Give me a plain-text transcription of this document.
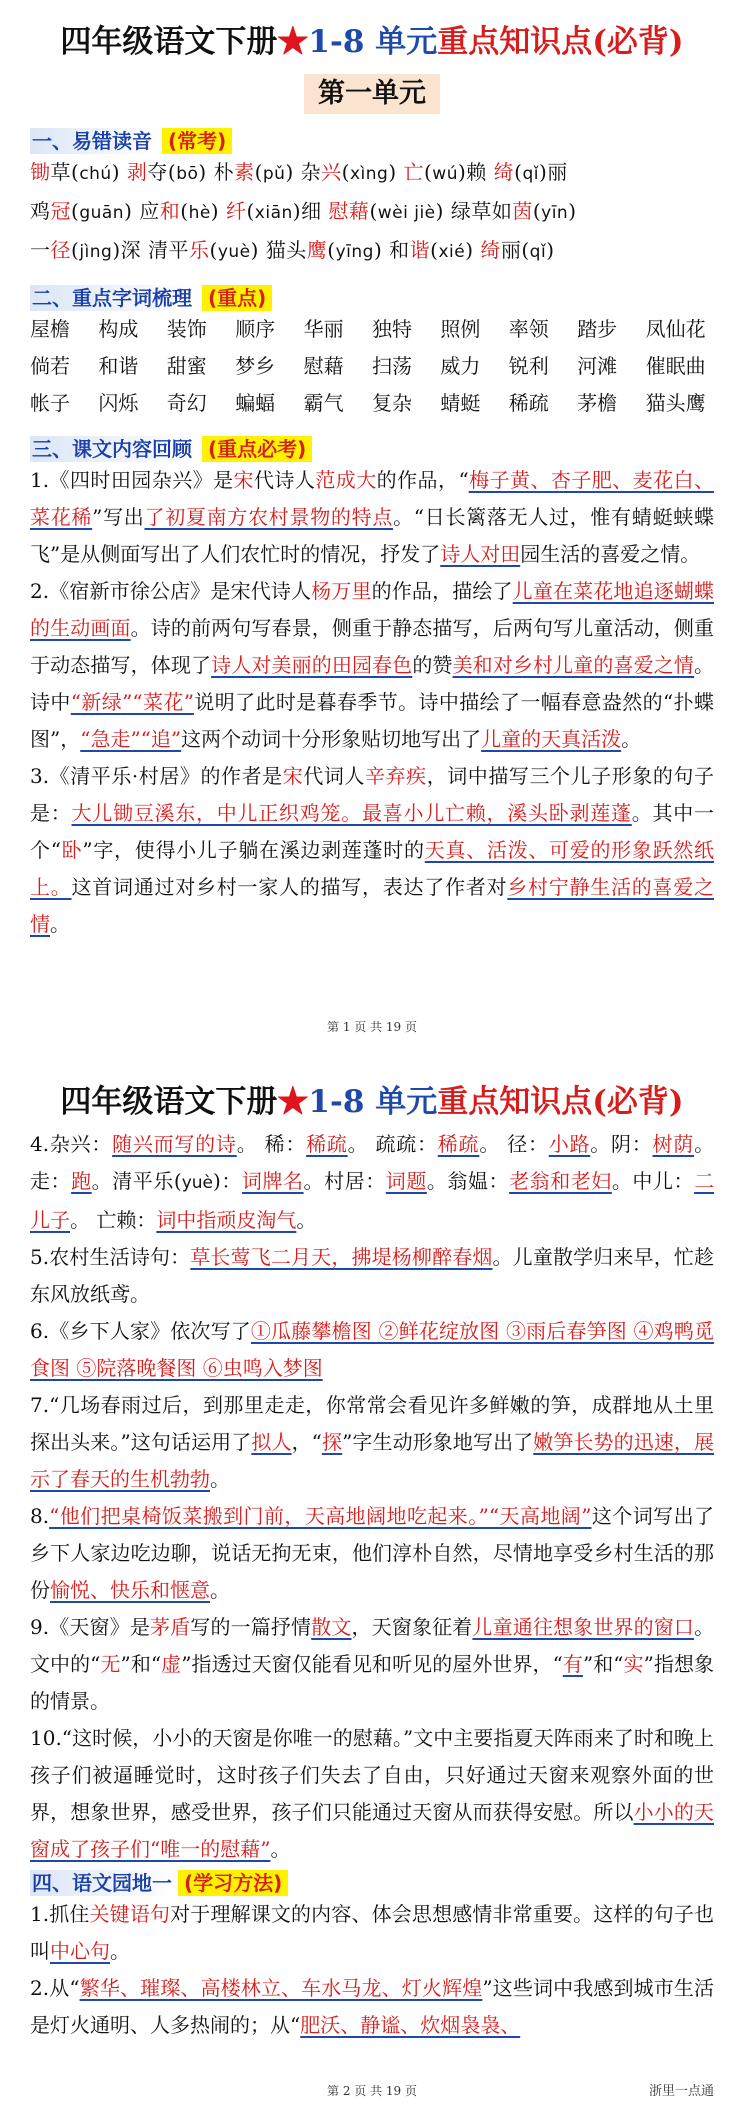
四年级语文下册★1-8 单元重点知识点(必背)
第一单元
一、易错读音 (常考)
锄草(chú) 剥夺(bō) 朴素(pǔ) 杂兴(xìng) 亡(wú)赖 绮(qǐ)丽
鸡冠(guān) 应和(hè) 纤(xiān)细 慰藉(wèi jiè) 绿草如茵(yīn)
一径(jìng)深 清平乐(yuè) 猫头鹰(yīng) 和谐(xié) 绮丽(qǐ)
二、重点字词梳理 (重点)
屋檐	构成	装饰	顺序	华丽	独特	照例	率领	踏步	凤仙花
倘若	和谐	甜蜜	梦乡	慰藉	扫荡	威力	锐利	河滩	催眠曲
帐子	闪烁	奇幻	蝙蝠	霸气	复杂	蜻蜓	稀疏	茅檐	猫头鹰
三、课文内容回顾 (重点必考)

1.《四时田园杂兴》是宋代诗人范成大的作品，“梅子黄、杏子肥、麦花白、菜花稀”写出了初夏南方农村景物的特点。“日长篱落无人过，惟有蜻蜓蛱蝶飞”是从侧面写出了人们农忙时的情况，抒发了诗人对田园生活的喜爱之情。

2.《宿新市徐公店》是宋代诗人杨万里的作品，描绘了儿童在菜花地追逐蝴蝶的生动画面。诗的前两句写春景，侧重于静态描写，后两句写儿童活动，侧重于动态描写，体现了诗人对美丽的田园春色的赞美和对乡村儿童的喜爱之情。诗中“新绿”“菜花”说明了此时是暮春季节。诗中描绘了一幅春意盎然的“扑蝶图”，“急走”“追”这两个动词十分形象贴切地写出了儿童的天真活泼。

3.《清平乐·村居》的作者是宋代词人辛弃疾，词中描写三个儿子形象的句子是：大儿锄豆溪东，中儿正织鸡笼。最喜小儿亡赖，溪头卧剥莲蓬。其中一个“卧”字，使得小儿子躺在溪边剥莲蓬时的天真、活泼、可爱的形象跃然纸上。这首词通过对乡村一家人的描写，表达了作者对乡村宁静生活的喜爱之情。

第 1 页 共 19 页
四年级语文下册★1-8 单元重点知识点(必背)

4.杂兴：随兴而写的诗。 稀：稀疏。 疏疏：稀疏。 径：小路。阴：树荫。走：跑。清平乐(yuè)：词牌名。村居：词题。翁媪：老翁和老妇。中儿：二儿子。 亡赖：词中指顽皮淘气。

5.农村生活诗句：草长莺飞二月天，拂堤杨柳醉春烟。儿童散学归来早，忙趁东风放纸鸢。

6.《乡下人家》依次写了①瓜藤攀檐图 ②鲜花绽放图 ③雨后春笋图 ④鸡鸭觅食图 ⑤院落晚餐图 ⑥虫鸣入梦图

7.“几场春雨过后，到那里走走，你常常会看见许多鲜嫩的笋，成群地从土里探出头来。”这句话运用了拟人，“探”字生动形象地写出了嫩笋长势的迅速，展示了春天的生机勃勃。

8.“他们把桌椅饭菜搬到门前，天高地阔地吃起来。”“天高地阔”这个词写出了乡下人家边吃边聊，说话无拘无束，他们淳朴自然，尽情地享受乡村生活的那份愉悦、快乐和惬意。

9.《天窗》是茅盾写的一篇抒情散文，天窗象征着儿童通往想象世界的窗口。文中的“无”和“虚”指透过天窗仅能看见和听见的屋外世界，“有”和“实”指想象的情景。

10.“这时候，小小的天窗是你唯一的慰藉。”文中主要指夏天阵雨来了时和晚上孩子们被逼睡觉时，这时孩子们失去了自由，只好通过天窗来观察外面的世界，想象世界，感受世界，孩子们只能通过天窗从而获得安慰。所以小小的天窗成了孩子们“唯一的慰藉”。

四、语文园地一 (学习方法)

1.抓住关键语句对于理解课文的内容、体会思想感情非常重要。这样的句子也叫中心句。

2.从“繁华、璀璨、高楼林立、车水马龙、灯火辉煌”这些词中我感到城市生活是灯火通明、人多热闹的；从“肥沃、静谧、炊烟袅袅、

第 2 页 共 19 页	浙里一点通
